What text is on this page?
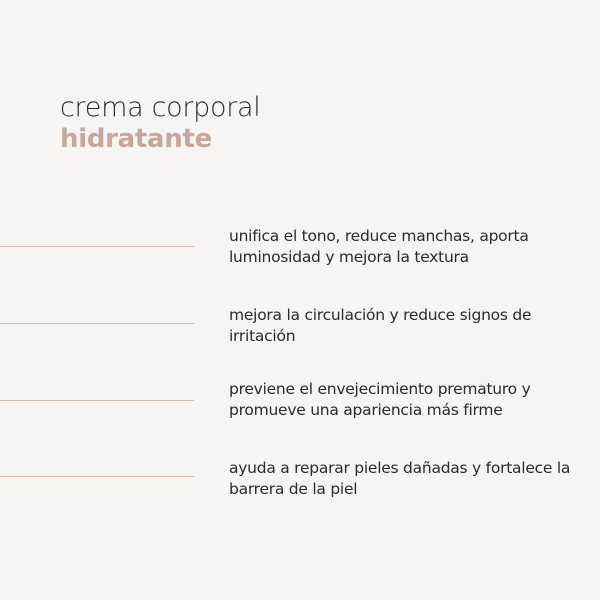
crema corporal
hidratante
unifica el tono, reduce manchas, aporta luminosidad y mejora la textura
mejora la circulación y reduce signos de irritación
previene el envejecimiento prematuro y promueve una apariencia más firme
ayuda a reparar pieles dañadas y fortalece la barrera de la piel
